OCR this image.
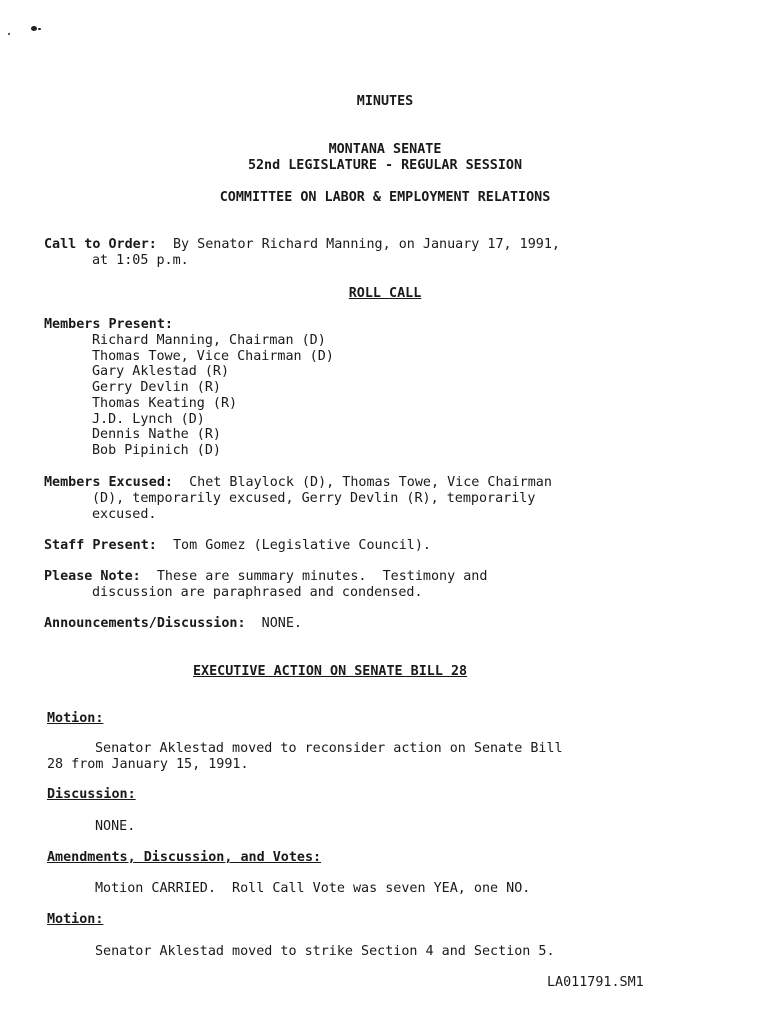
MINUTES
MONTANA SENATE
52nd LEGISLATURE - REGULAR SESSION
COMMITTEE ON LABOR & EMPLOYMENT RELATIONS
Call to Order: By Senator Richard Manning, on January 17, 1991,
at 1:05 p.m.
ROLL CALL
Members Present:
Richard Manning, Chairman (D)
Thomas Towe, Vice Chairman (D)
Gary Aklestad (R)
Gerry Devlin (R)
Thomas Keating (R)
J.D. Lynch (D)
Dennis Nathe (R)
Bob Pipinich (D)
Members Excused: Chet Blaylock (D), Thomas Towe, Vice Chairman
(D), temporarily excused, Gerry Devlin (R), temporarily
excused.
Staff Present: Tom Gomez (Legislative Council).
Please Note: These are summary minutes.  Testimony and
discussion are paraphrased and condensed.
Announcements/Discussion: NONE.
EXECUTIVE ACTION ON SENATE BILL 28
Motion:
Senator Aklestad moved to reconsider action on Senate Bill
28 from January 15, 1991.
Discussion:
NONE.
Amendments, Discussion, and Votes:
Motion CARRIED.  Roll Call Vote was seven YEA, one NO.
Motion:
Senator Aklestad moved to strike Section 4 and Section 5.
LA011791.SM1
